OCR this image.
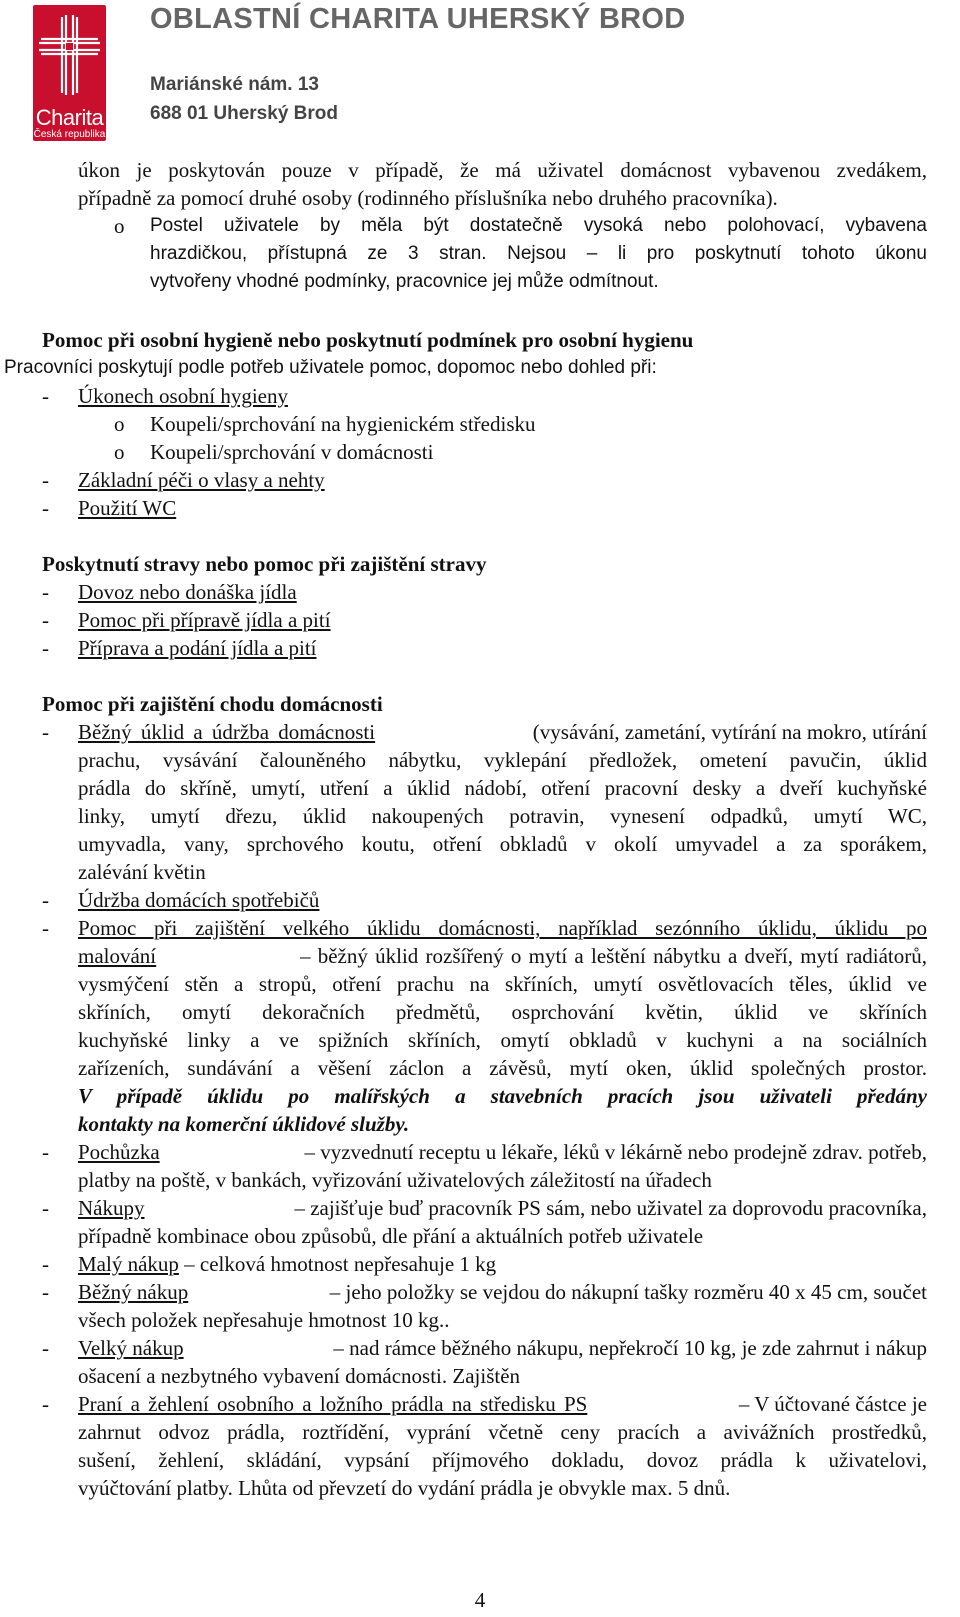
Charita
Česká republika
OBLASTNÍ CHARITA UHERSKÝ BROD
Mariánské nám. 13
688 01 Uherský Brod
úkon je poskytován pouze v případě, že má uživatel domácnost vybavenou zvedákem,
případně za pomocí druhé osoby (rodinného příslušníka nebo druhého pracovníka).
o Postel uživatele by měla být dostatečně vysoká nebo polohovací, vybavena
hrazdičkou, přístupná ze 3 stran. Nejsou – li pro poskytnutí tohoto úkonu
vytvořeny vhodné podmínky, pracovnice jej může odmítnout.
Pomoc při osobní hygieně nebo poskytnutí podmínek pro osobní hygienu
Pracovníci poskytují podle potřeb uživatele pomoc, dopomoc nebo dohled při:
- Úkonech osobní hygieny
o Koupeli/sprchování na hygienickém středisku
o Koupeli/sprchování v domácnosti
- Základní péči o vlasy a nehty
- Použití WC
Poskytnutí stravy nebo pomoc při zajištění stravy
- Dovoz nebo donáška jídla
- Pomoc při přípravě jídla a pití
- Příprava a podání jídla a pití
Pomoc při zajištění chodu domácnosti
- Běžný úklid a údržba domácnosti	(vysávání, zametání, vytírání na mokro, utírání
prachu, vysávání čalouněného nábytku, vyklepání předložek, ometení pavučin, úklid
prádla do skříně, umytí, utření a úklid nádobí, otření pracovní desky a dveří kuchyňské
linky, umytí dřezu, úklid nakoupených potravin, vynesení odpadků, umytí WC,
umyvadla, vany, sprchového koutu, otření obkladů v okolí umyvadel a za sporákem,
zalévání květin
- Údržba domácích spotřebičů
- Pomoc při zajištění velkého úklidu domácnosti, například sezónního úklidu, úklidu po
malování	– běžný úklid rozšířený o mytí a leštění nábytku a dveří, mytí radiátorů,
vysmýčení stěn a stropů, otření prachu na skříních, umytí osvětlovacích těles, úklid ve
skříních, omytí dekoračních předmětů, osprchování květin, úklid ve skříních
kuchyňské linky a ve spižních skříních, omytí obkladů v kuchyni a na sociálních
zařízeních, sundávání a věšení záclon a závěsů, mytí oken, úklid společných prostor.
V případě úklidu po malířských a stavebních pracích jsou uživateli předány
kontakty na komerční úklidové služby.
- Pochůzka	– vyzvednutí receptu u lékaře, léků v lékárně nebo prodejně zdrav. potřeb,
platby na poště, v bankách, vyřizování uživatelových záležitostí na úřadech
- Nákupy	– zajišťuje buď pracovník PS sám, nebo uživatel za doprovodu pracovníka,
případně kombinace obou způsobů, dle přání a aktuálních potřeb uživatele
- Malý nákup – celková hmotnost nepřesahuje 1 kg
- Běžný nákup	– jeho položky se vejdou do nákupní tašky rozměru 40 x 45 cm, součet
všech položek nepřesahuje hmotnost 10 kg..
- Velký nákup	– nad rámce běžného nákupu, nepřekročí 10 kg, je zde zahrnut i nákup
ošacení a nezbytného vybavení domácnosti. Zajištěn
- Praní a žehlení osobního a ložního prádla na středisku PS	– V účtované částce je
zahrnut odvoz prádla, roztřídění, vyprání včetně ceny pracích a avivážních prostředků,
sušení, žehlení, skládání, vypsání příjmového dokladu, dovoz prádla k uživatelovi,
vyúčtování platby. Lhůta od převzetí do vydání prádla je obvykle max. 5 dnů.
4
